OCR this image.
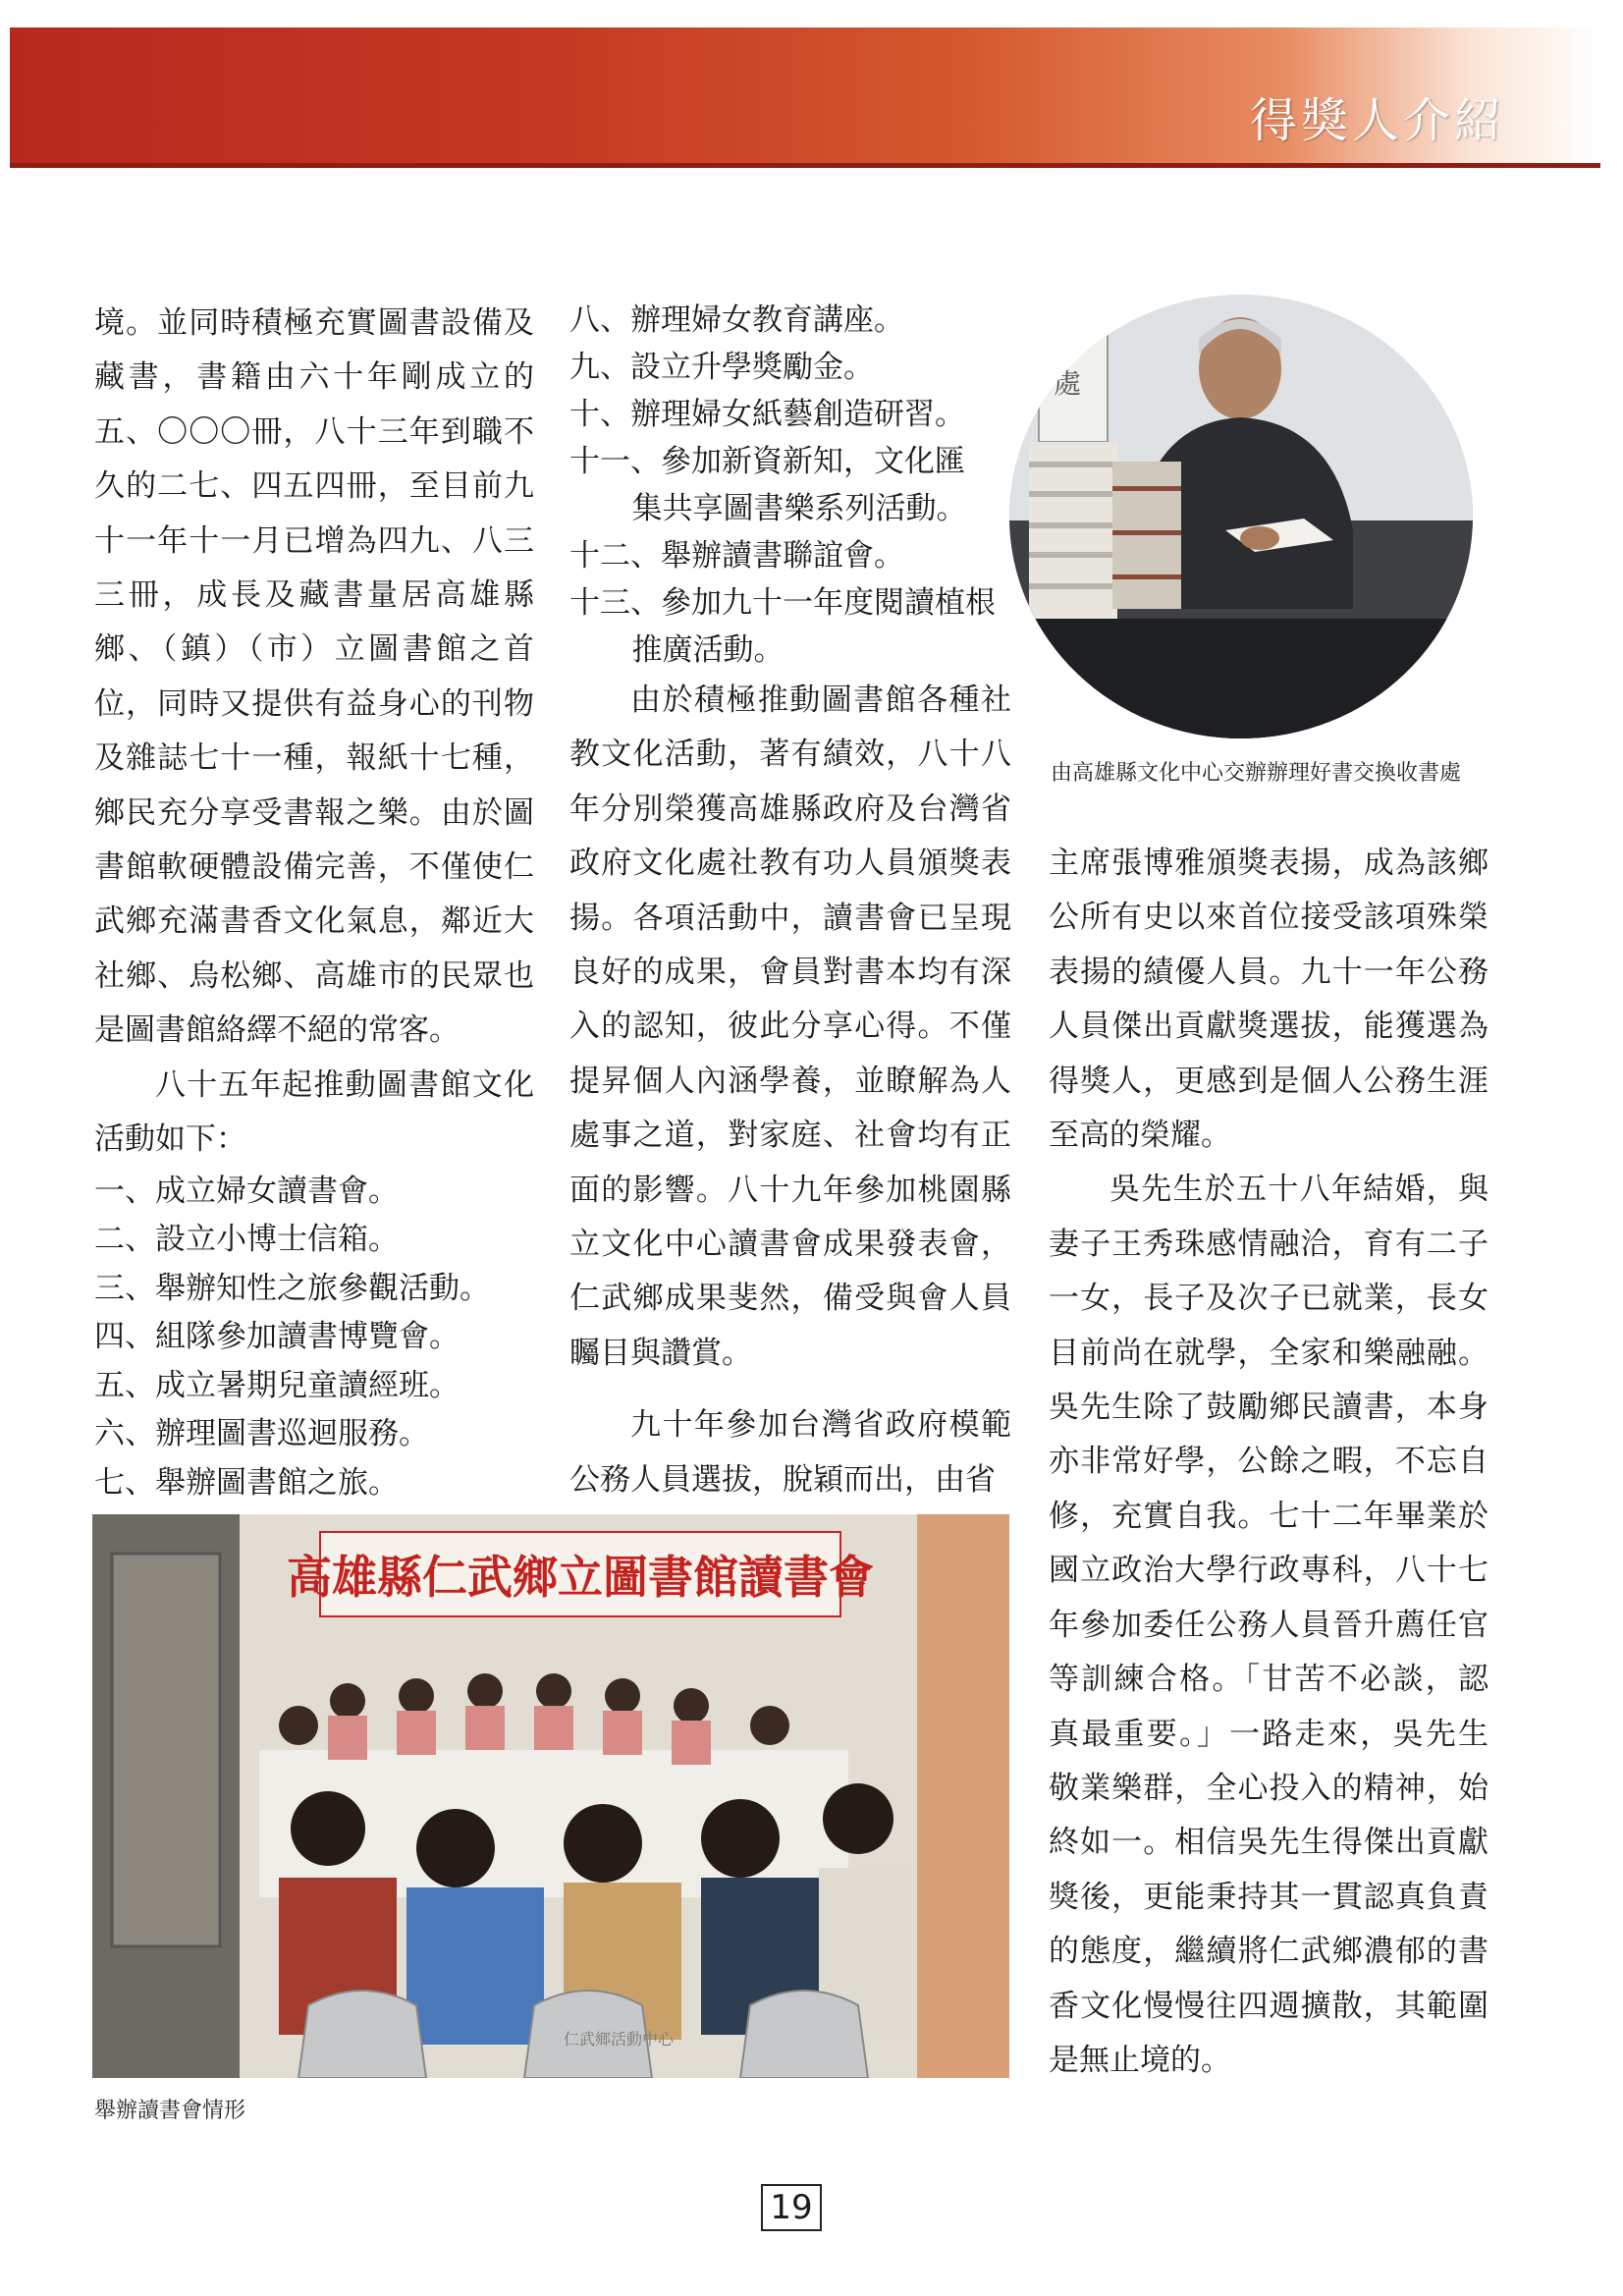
得獎人介紹

境。並同時積極充實圖書設備及藏書，書籍由六十年剛成立的五、〇〇〇冊，八十三年到職不久的二七、四五四冊，至目前九十一年十一月已增為四九、八三三冊，成長及藏書量居高雄縣鄉、（鎮）（市）立圖書館之首位，同時又提供有益身心的刊物及雜誌七十一種，報紙十七種，鄉民充分享受書報之樂。由於圖書館軟硬體設備完善，不僅使仁武鄉充滿書香文化氣息，鄰近大社鄉、烏松鄉、高雄市的民眾也是圖書館絡繹不絕的常客。

八十五年起推動圖書館文化活動如下：

一、成立婦女讀書會。
二、設立小博士信箱。
三、舉辦知性之旅參觀活動。
四、組隊參加讀書博覽會。
五、成立暑期兒童讀經班。
六、辦理圖書巡迴服務。
七、舉辦圖書館之旅。
八、辦理婦女教育講座。
九、設立升學獎勵金。
十、辦理婦女紙藝創造研習。
十一、參加新資新知，文化匯
集共享圖書樂系列活動。
十二、舉辦讀書聯誼會。
十三、參加九十一年度閱讀植根
推廣活動。

由於積極推動圖書館各種社教文化活動，著有績效，八十八年分別榮獲高雄縣政府及台灣省政府文化處社教有功人員頒獎表揚。各項活動中，讀書會已呈現良好的成果，會員對書本均有深入的認知，彼此分享心得。不僅提昇個人內涵學養，並瞭解為人處事之道，對家庭、社會均有正面的影響。八十九年參加桃園縣立文化中心讀書會成果發表會，仁武鄉成果斐然，備受與會人員矚目與讚賞。

九十年參加台灣省政府模範公務人員選拔，脫穎而出，由省

處
由高雄縣文化中心交辦辦理好書交換收書處

主席張博雅頒獎表揚，成為該鄉公所有史以來首位接受該項殊榮表揚的績優人員。九十一年公務人員傑出貢獻獎選拔，能獲選為得獎人，更感到是個人公務生涯至高的榮耀。

吳先生於五十八年結婚，與妻子王秀珠感情融洽，育有二子一女，長子及次子已就業，長女目前尚在就學，全家和樂融融。吳先生除了鼓勵鄉民讀書，本身亦非常好學，公餘之暇，不忘自修，充實自我。七十二年畢業於國立政治大學行政專科，八十七年參加委任公務人員晉升薦任官等訓練合格。「甘苦不必談，認真最重要。」一路走來，吳先生敬業樂群，全心投入的精神，始終如一。相信吳先生得傑出貢獻獎後，更能秉持其一貫認真負責的態度，繼續將仁武鄉濃郁的書香文化慢慢往四週擴散，其範圍是無止境的。

高雄縣仁武鄉立圖書館讀書會
仁武鄉活動中心
舉辦讀書會情形
19
